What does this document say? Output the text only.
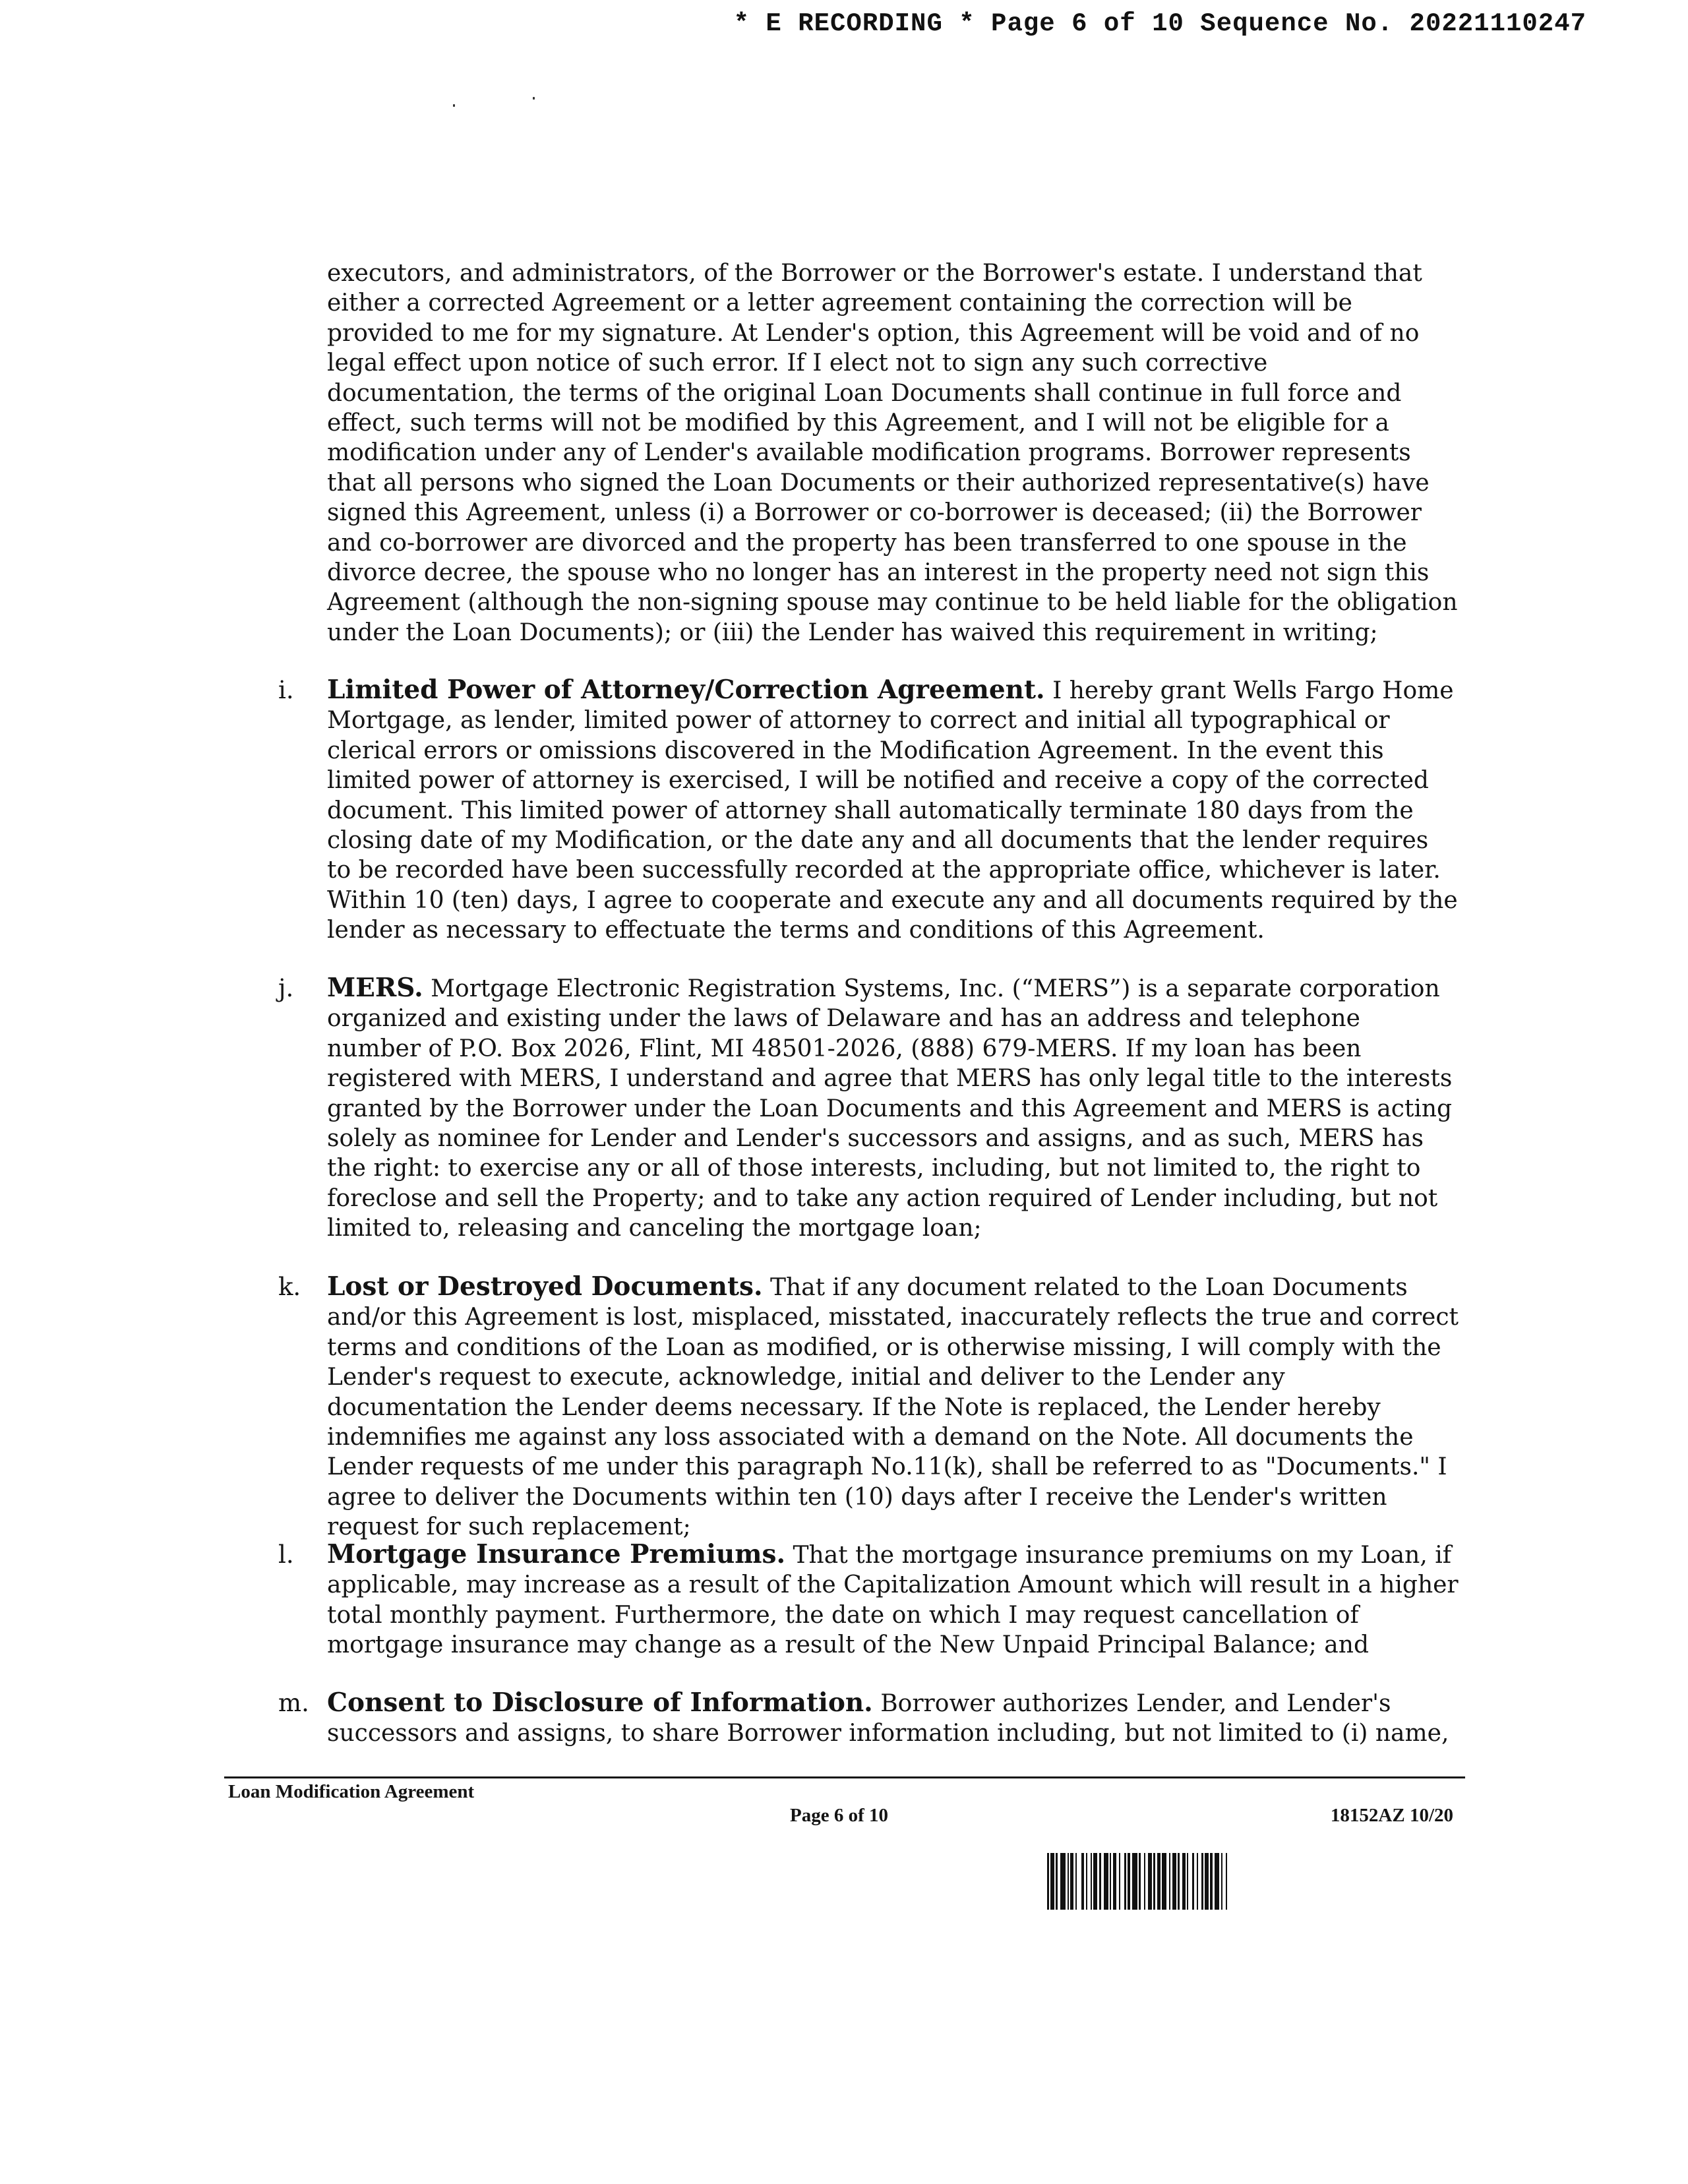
* E RECORDING * Page 6 of 10 Sequence No. 20221110247
executors, and administrators, of the Borrower or the Borrower's estate. I understand that either a corrected Agreement or a letter agreement containing the correction will be provided to me for my signature. At Lender's option, this Agreement will be void and of no legal effect upon notice of such error. If I elect not to sign any such corrective documentation, the terms of the original Loan Documents shall continue in full force and effect, such terms will not be modified by this Agreement, and I will not be eligible for a modification under any of Lender's available modification programs. Borrower represents that all persons who signed the Loan Documents or their authorized representative(s) have signed this Agreement, unless (i) a Borrower or co-borrower is deceased; (ii) the Borrower and co-borrower are divorced and the property has been transferred to one spouse in the divorce decree, the spouse who no longer has an interest in the property need not sign this Agreement (although the non-signing spouse may continue to be held liable for the obligation under the Loan Documents); or (iii) the Lender has waived this requirement in writing;
i.	Limited Power of Attorney/Correction Agreement. I hereby grant Wells Fargo Home Mortgage, as lender, limited power of attorney to correct and initial all typographical or clerical errors or omissions discovered in the Modification Agreement. In the event this limited power of attorney is exercised, I will be notified and receive a copy of the corrected document. This limited power of attorney shall automatically terminate 180 days from the closing date of my Modification, or the date any and all documents that the lender requires to be recorded have been successfully recorded at the appropriate office, whichever is later. Within 10 (ten) days, I agree to cooperate and execute any and all documents required by the lender as necessary to effectuate the terms and conditions of this Agreement.
j.	MERS. Mortgage Electronic Registration Systems, Inc. (“MERS”) is a separate corporation organized and existing under the laws of Delaware and has an address and telephone number of P.O. Box 2026, Flint, MI 48501-2026, (888) 679-MERS. If my loan has been registered with MERS, I understand and agree that MERS has only legal title to the interests granted by the Borrower under the Loan Documents and this Agreement and MERS is acting solely as nominee for Lender and Lender's successors and assigns, and as such, MERS has the right: to exercise any or all of those interests, including, but not limited to, the right to foreclose and sell the Property; and to take any action required of Lender including, but not limited to, releasing and canceling the mortgage loan;
k.	Lost or Destroyed Documents. That if any document related to the Loan Documents and/or this Agreement is lost, misplaced, misstated, inaccurately reflects the true and correct terms and conditions of the Loan as modified, or is otherwise missing, I will comply with the Lender's request to execute, acknowledge, initial and deliver to the Lender any documentation the Lender deems necessary. If the Note is replaced, the Lender hereby indemnifies me against any loss associated with a demand on the Note. All documents the Lender requests of me under this paragraph No.11(k), shall be referred to as "Documents." I agree to deliver the Documents within ten (10) days after I receive the Lender's written request for such replacement;
l.	Mortgage Insurance Premiums. That the mortgage insurance premiums on my Loan, if applicable, may increase as a result of the Capitalization Amount which will result in a higher total monthly payment. Furthermore, the date on which I may request cancellation of mortgage insurance may change as a result of the New Unpaid Principal Balance; and
m. Consent to Disclosure of Information. Borrower authorizes Lender, and Lender's successors and assigns, to share Borrower information including, but not limited to (i) name,
Loan Modification Agreement
Page 6 of 10	18152AZ 10/20
